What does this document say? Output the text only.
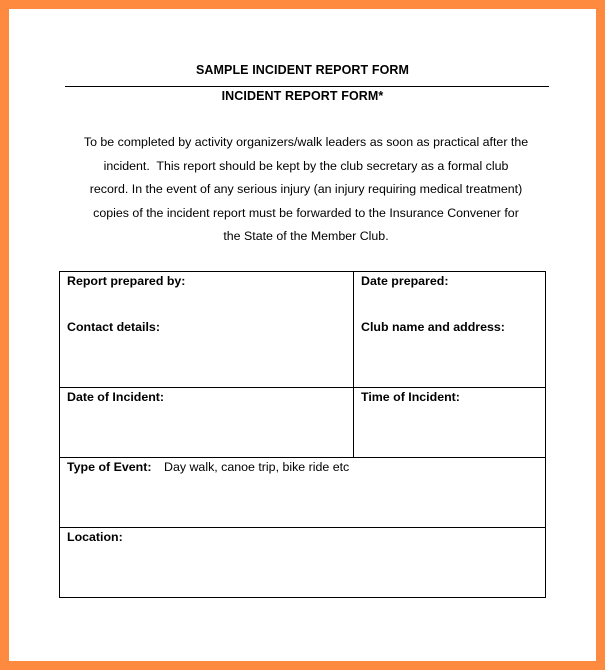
SAMPLE INCIDENT REPORT FORM
INCIDENT REPORT FORM*
To be completed by activity organizers/walk leaders as soon as practical after the
incident.  This report should be kept by the club secretary as a formal club
record. In the event of any serious injury (an injury requiring medical treatment)
copies of the incident report must be forwarded to the Insurance Convener for
the State of the Member Club.
Report prepared by:	Date prepared:
Contact details:	Club name and address:
Date of Incident:	Time of Incident:
Type of Event: Day walk, canoe trip, bike ride etc
Location:
